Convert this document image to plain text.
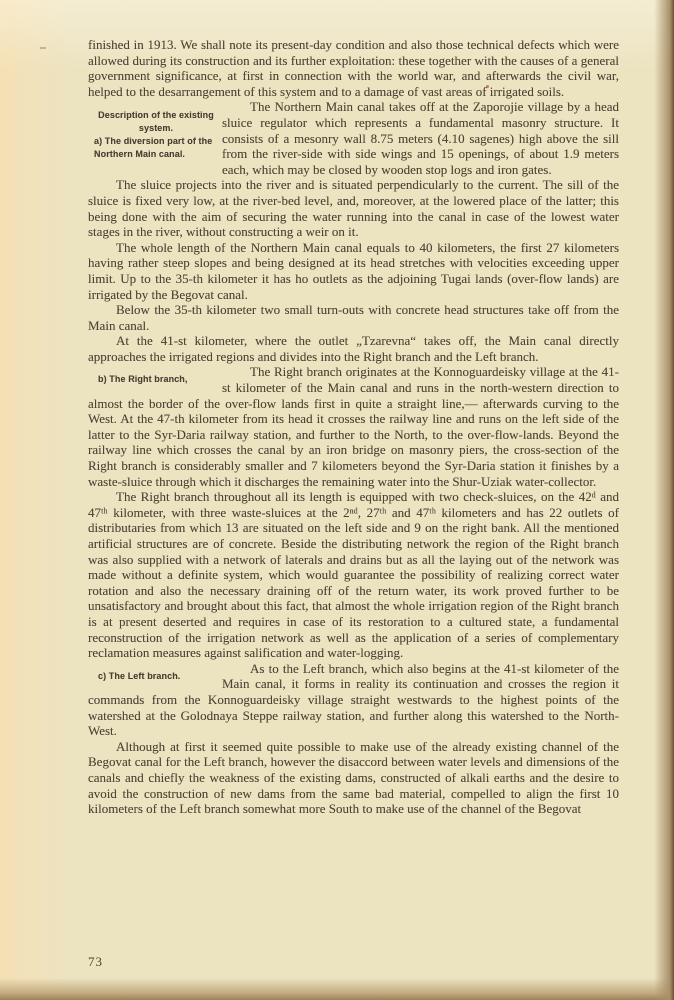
finished in 1913. We shall note its present-day condition and also those technical defects which were allowed during its construction and its further exploitation: these together with the causes of a general government significance, at first in connection with the world war, and afterwards the civil war, helped to the desarrangement of this system and to a damage of vast areas of irrigated soils.

Description of the existing system.
a) The diversion part of the Northern Main canal.

The Northern Main canal takes off at the Zaporojie village by a head sluice regulator which represents a fundamental masonry structure. It consists of a mesonry wall 8.75 meters (4.10 sagenes) high above the sill from the river-side with side wings and 15 openings, of about 1.9 meters each, which may be closed by wooden stop logs and iron gates.

The sluice projects into the river and is situated perpendicularly to the current. The sill of the sluice is fixed very low, at the river-bed level, and, moreover, at the lowered place of the latter; this being done with the aim of securing the water running into the canal in case of the lowest water stages in the river, without constructing a weir on it.

The whole length of the Northern Main canal equals to 40 kilometers, the first 27 kilometers having rather steep slopes and being designed at its head stretches with velocities exceeding upper limit. Up to the 35-th kilometer it has ho outlets as the adjoining Tugai lands (over-flow lands) are irrigated by the Begovat canal.

Below the 35-th kilometer two small turn-outs with concrete head structures take off from the Main canal.

At the 41-st kilometer, where the outlet „Tzarevna“ takes off, the Main canal directly approaches the irrigated regions and divides into the Right branch and the Left branch.

b) The Right branch,	The Right branch originates at the Konnoguardeisky village at the 41-st kilometer of the Main canal and runs in the north-western direction to almost the border of the over-flow lands first in quite a straight line,— afterwards curving to the West. At the 47-th kilometer from its head it crosses the railway line and runs on the left side of the latter to the Syr-Daria railway station, and further to the North, to the over-flow-lands. Beyond the railway line which crosses the canal by an iron bridge on masonry piers, the cross-section of the Right branch is considerably smaller and 7 kilometers beyond the Syr-Daria station it finishes by a waste-sluice through which it discharges the remaining water into the Shur-Uziak water-collector.

The Right branch throughout all its length is equipped with two check-sluices, on the 42ᵈ and 47ᵗʰ kilometer, with three waste-sluices at the 2ⁿᵈ, 27ᵗʰ and 47ᵗʰ kilometers and has 22 outlets of distributaries from which 13 are situated on the left side and 9 on the right bank. All the mentioned artificial structures are of concrete. Beside the distributing network the region of the Right branch was also supplied with a network of laterals and drains but as all the laying out of the network was made without a definite system, which would guarantee the possibility of realizing correct water rotation and also the necessary draining off of the return water, its work proved further to be unsatisfactory and brought about this fact, that almost the whole irrigation region of the Right branch is at present deserted and requires in case of its restoration to a cultured state, a fundamental reconstruction of the irrigation network as well as the application of a series of complementary reclamation measures against salification and water-logging.

c) The Left branch.	As to the Left branch, which also begins at the 41-st kilometer of the Main canal, it forms in reality its continuation and crosses the region it commands from the Konnoguardeisky village straight westwards to the highest points of the watershed at the Golodnaya Steppe railway station, and further along this watershed to the North-West.

Although at first it seemed quite possible to make use of the already existing channel of the Begovat canal for the Left branch, however the disaccord between water levels and dimensions of the canals and chiefly the weakness of the existing dams, constructed of alkali earths and the desire to avoid the construction of new dams from the same bad material, compelled to align the first 10 kilometers of the Left branch somewhat more South to make use of the channel of the Begovat

73
